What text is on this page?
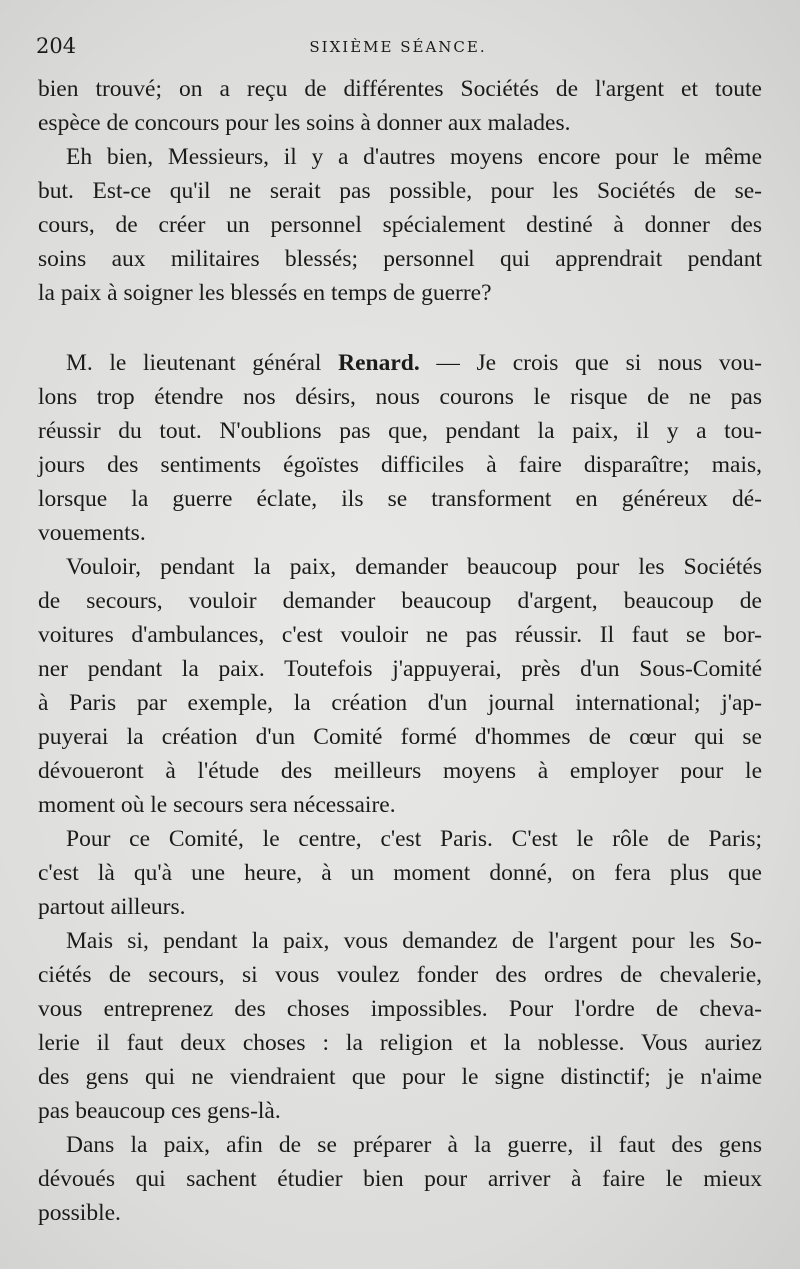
204	SIXIÈME SÉANCE.
bien trouvé; on a reçu de différentes Sociétés de l'argent et toute
espèce de concours pour les soins à donner aux malades.
Eh bien, Messieurs, il y a d'autres moyens encore pour le même
but. Est-ce qu'il ne serait pas possible, pour les Sociétés de se-
cours, de créer un personnel spécialement destiné à donner des
soins aux militaires blessés; personnel qui apprendrait pendant
la paix à soigner les blessés en temps de guerre?
M. le lieutenant général Renard. — Je crois que si nous vou-
lons trop étendre nos désirs, nous courons le risque de ne pas
réussir du tout. N'oublions pas que, pendant la paix, il y a tou-
jours des sentiments égoïstes difficiles à faire disparaître; mais,
lorsque la guerre éclate, ils se transforment en généreux dé-
vouements.
Vouloir, pendant la paix, demander beaucoup pour les Sociétés
de secours, vouloir demander beaucoup d'argent, beaucoup de
voitures d'ambulances, c'est vouloir ne pas réussir. Il faut se bor-
ner pendant la paix. Toutefois j'appuyerai, près d'un Sous-Comité
à Paris par exemple, la création d'un journal international; j'ap-
puyerai la création d'un Comité formé d'hommes de cœur qui se
dévoueront à l'étude des meilleurs moyens à employer pour le
moment où le secours sera nécessaire.
Pour ce Comité, le centre, c'est Paris. C'est le rôle de Paris;
c'est là qu'à une heure, à un moment donné, on fera plus que
partout ailleurs.
Mais si, pendant la paix, vous demandez de l'argent pour les So-
ciétés de secours, si vous voulez fonder des ordres de chevalerie,
vous entreprenez des choses impossibles. Pour l'ordre de cheva-
lerie il faut deux choses : la religion et la noblesse. Vous auriez
des gens qui ne viendraient que pour le signe distinctif; je n'aime
pas beaucoup ces gens-là.
Dans la paix, afin de se préparer à la guerre, il faut des gens
dévoués qui sachent étudier bien pour arriver à faire le mieux
possible.
